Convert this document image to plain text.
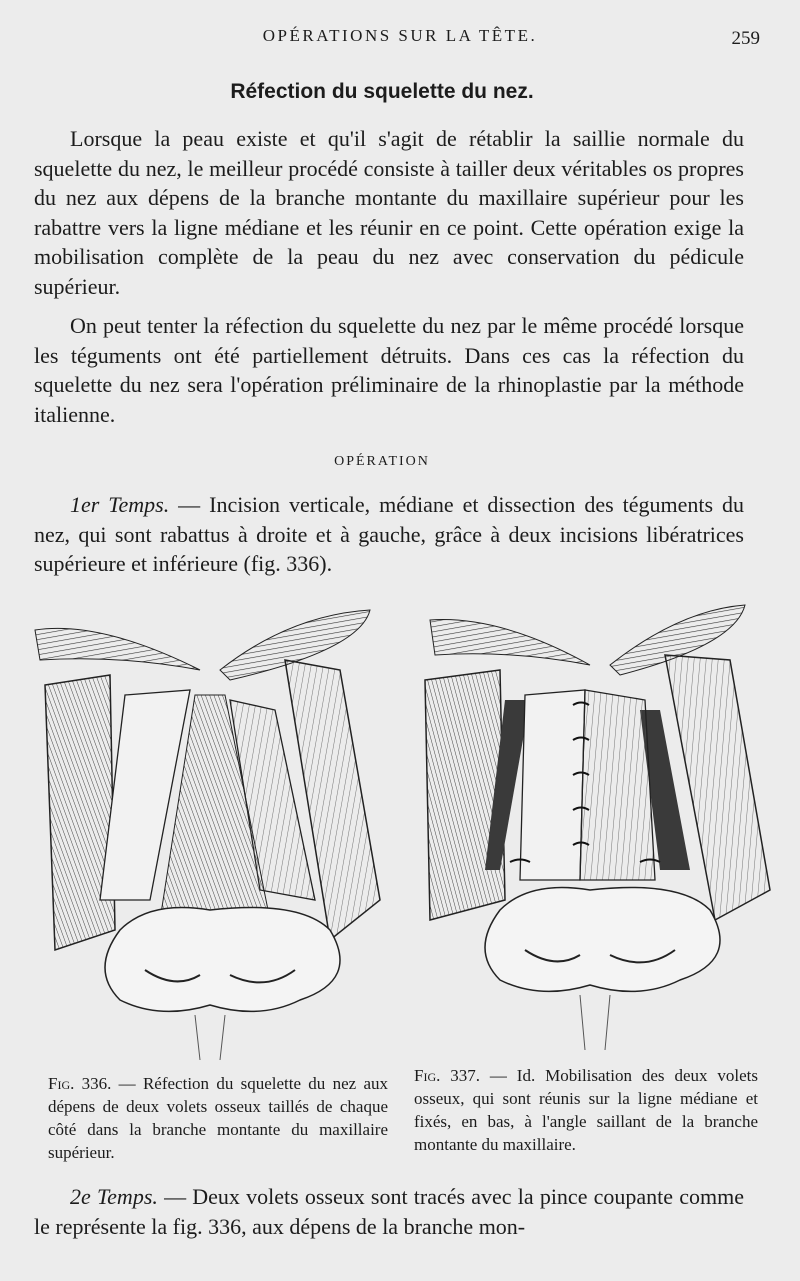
OPÉRATIONS SUR LA TÊTE.	259
Réfection du squelette du nez.

Lorsque la peau existe et qu'il s'agit de rétablir la saillie normale du squelette du nez, le meilleur procédé consiste à tailler deux véritables os propres du nez aux dépens de la branche montante du maxillaire supérieur pour les rabattre vers la ligne médiane et les réunir en ce point. Cette opération exige la mobilisation complète de la peau du nez avec conservation du pédicule supérieur.

On peut tenter la réfection du squelette du nez par le même procédé lorsque les téguments ont été partiellement détruits. Dans ces cas la réfection du squelette du nez sera l'opération préliminaire de la rhinoplastie par la méthode italienne.

OPÉRATION

1er Temps. — Incision verticale, médiane et dissection des téguments du nez, qui sont rabattus à droite et à gauche, grâce à deux incisions libératrices supérieure et inférieure (fig. 336).

Fig. 336. — Réfection du squelette du nez aux dépens de deux volets osseux taillés de chaque côté dans la branche montante du maxillaire supérieur.

Fig. 337. — Id. Mobilisation des deux volets osseux, qui sont réunis sur la ligne médiane et fixés, en bas, à l'angle saillant de la branche montante du maxillaire.

2e Temps. — Deux volets osseux sont tracés avec la pince coupante comme le représente la fig. 336, aux dépens de la branche mon-
